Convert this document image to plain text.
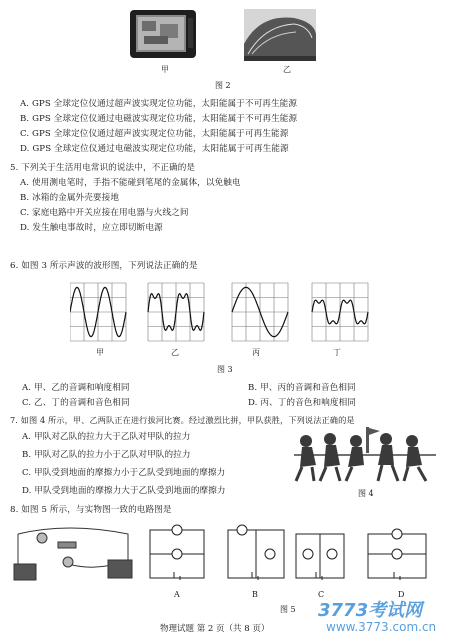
甲	乙
图 2
A. GPS 全球定位仪通过超声波实现定位功能，太阳能属于不可再生能源
B. GPS 全球定位仪通过电磁波实现定位功能，太阳能属于不可再生能源
C. GPS 全球定位仪通过超声波实现定位功能，太阳能属于可再生能源
D. GPS 全球定位仪通过电磁波实现定位功能，太阳能属于可再生能源
5. 下列关于生活用电常识的说法中，不正确的是
A. 使用测电笔时，手指不能碰到笔尾的金属体，以免触电
B. 冰箱的金属外壳要接地
C. 家庭电路中开关应接在用电器与火线之间
D. 发生触电事故时，应立即切断电源
6. 如图 3 所示声波的波形图，下列说法正确的是
甲	乙	丙	丁
图 3
A. 甲、乙的音调和响度相同	B. 甲、丙的音调和音色相同
C. 乙、丁的音调和音色相同	D. 丙、丁的音色和响度相同
7. 如图 4 所示，甲、乙两队正在进行拔河比赛。经过激烈比拼，甲队获胜，下列说法正确的是
A. 甲队对乙队的拉力大于乙队对甲队的拉力
B. 甲队对乙队的拉力小于乙队对甲队的拉力
C. 甲队受到地面的摩擦力小于乙队受到地面的摩擦力
D. 甲队受到地面的摩擦力大于乙队受到地面的摩擦力	图 4
8. 如图 5 所示，与实物图一致的电路图是
A	B	C	D
图 5
物理试题 第 2 页（共 8 页）
3773考试网
www.3773.com.cn
